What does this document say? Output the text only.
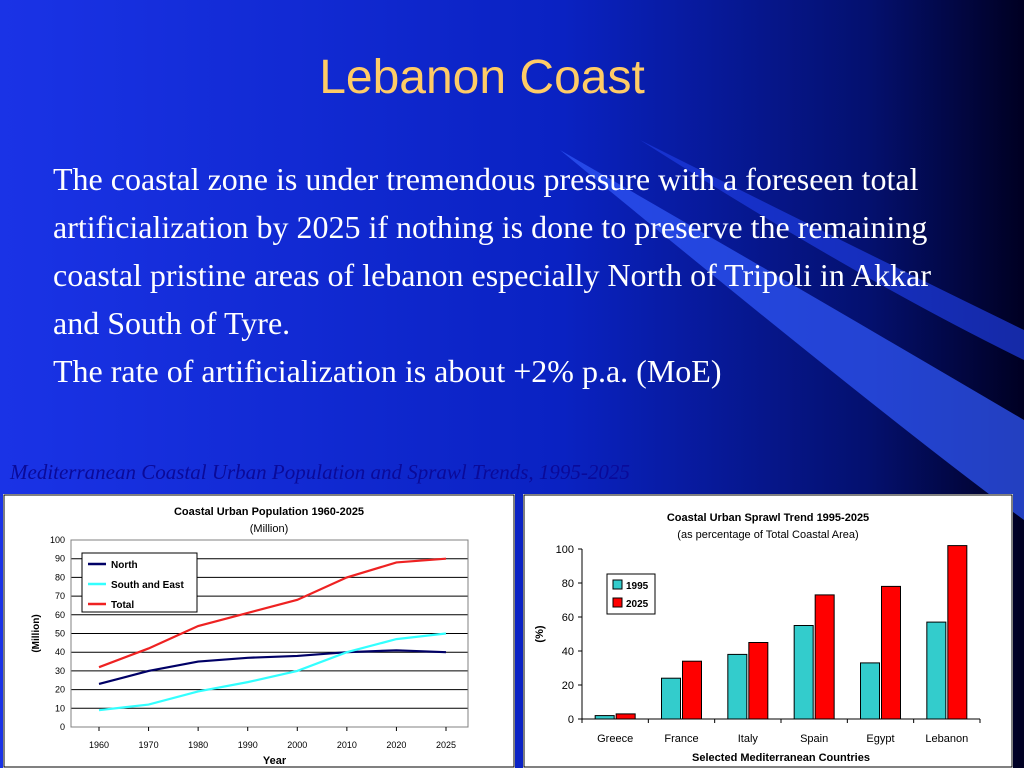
Lebanon Coast

The coastal zone is under tremendous pressure with a foreseen total artificialization by 2025 if nothing is done to preserve the remaining coastal pristine areas of lebanon especially North of Tripoli in Akkar and South of Tyre.

The rate of artificialization is about +2% p.a. (MoE)

Mediterranean Coastal Urban Population and Sprawl Trends, 1995-2025
Coastal Urban Population 1960-2025
(Million)
0
10
20
30
40
50
60
70
80
90
100
1960	1970	1980	1990	2000	2010	2020	2025
Year
(Million)
North
South and East
Total
Coastal Urban Sprawl Trend 1995-2025
(as percentage of Total Coastal Area)
0
20
40
60
80
100
Greece	France	Italy	Spain	Egypt	Lebanon
Selected Mediterranean Countries
(%)
1995
2025
